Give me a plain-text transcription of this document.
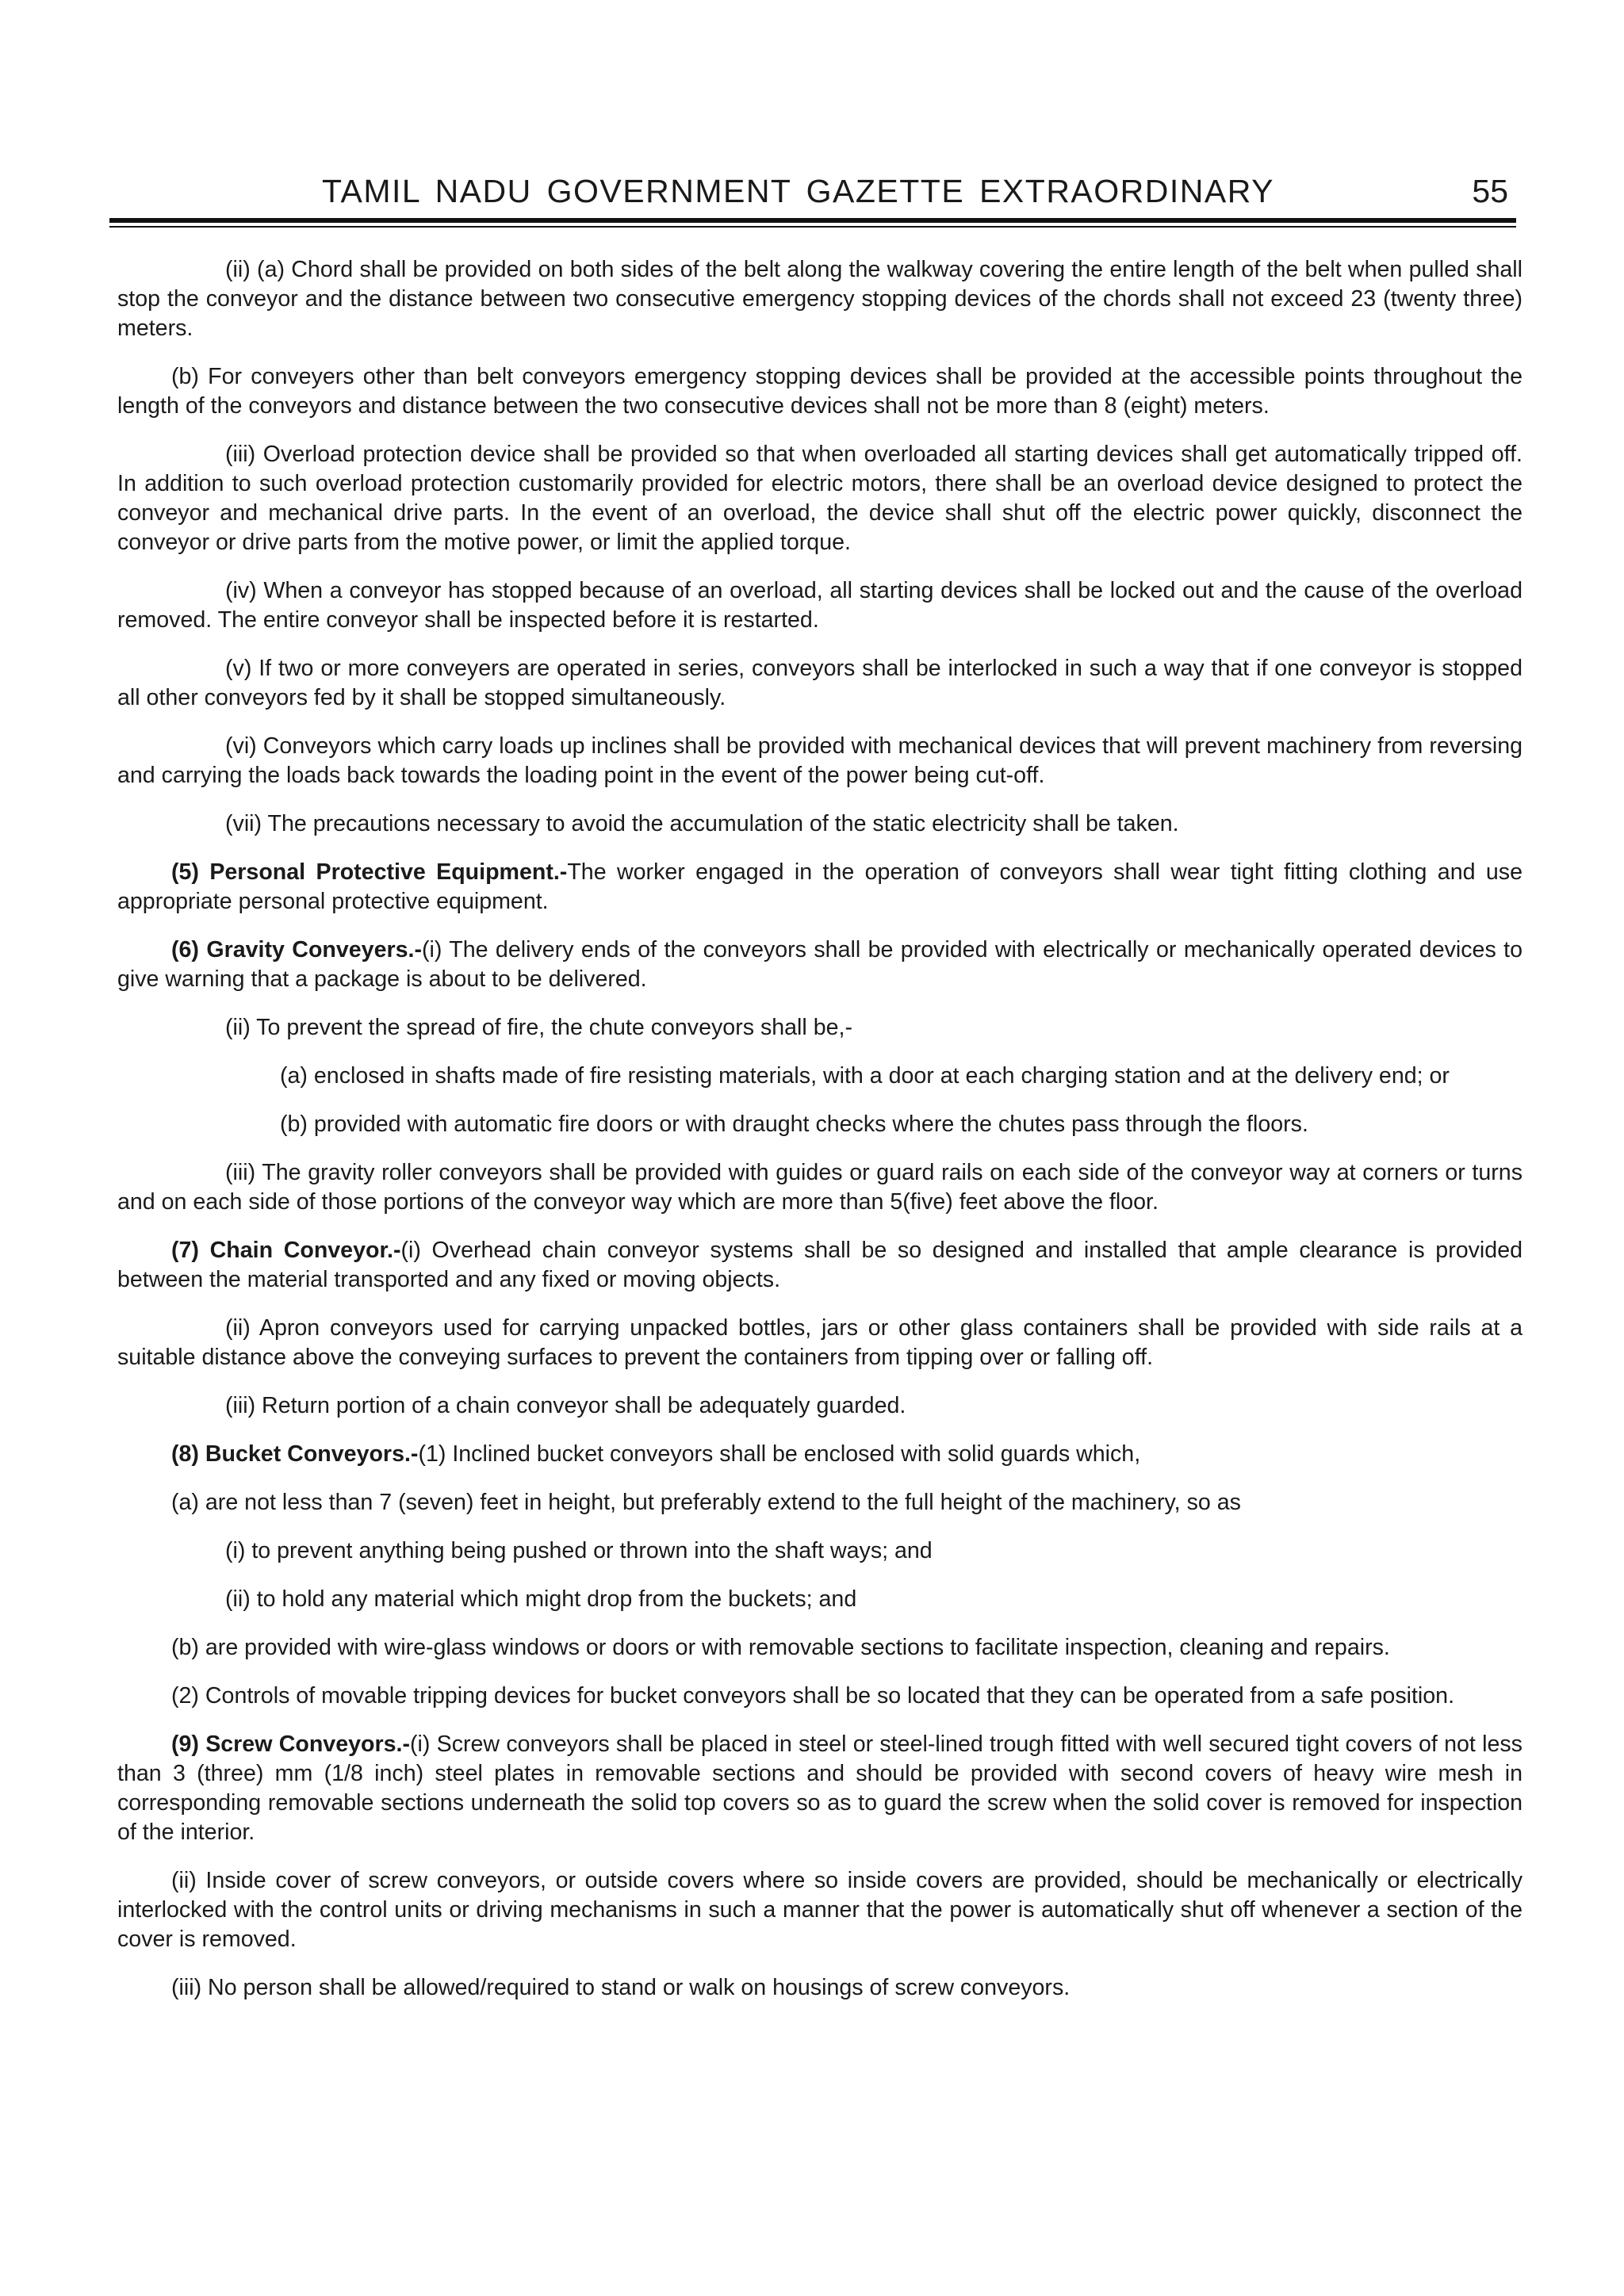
TAMIL NADU GOVERNMENT GAZETTE EXTRAORDINARY	55

(ii) (a) Chord shall be provided on both sides of the belt along the walkway covering the entire length of the belt when pulled shall stop the conveyor and the distance between two consecutive emergency stopping devices of the chords shall not exceed 23 (twenty three) meters.

(b) For conveyers other than belt conveyors emergency stopping devices shall be provided at the accessible points throughout the length of the conveyors and distance between the two consecutive devices shall not be more than 8 (eight) meters.

(iii) Overload protection device shall be provided so that when overloaded all starting devices shall get automatically tripped off. In addition to such overload protection customarily provided for electric motors, there shall be an overload device designed to protect the conveyor and mechanical drive parts. In the event of an overload, the device shall shut off the electric power quickly, disconnect the conveyor or drive parts from the motive power, or limit the applied torque.

(iv) When a conveyor has stopped because of an overload, all starting devices shall be locked out and the cause of the overload removed. The entire conveyor shall be inspected before it is restarted.

(v) If two or more conveyers are operated in series, conveyors shall be interlocked in such a way that if one conveyor is stopped all other conveyors fed by it shall be stopped simultaneously.

(vi) Conveyors which carry loads up inclines shall be provided with mechanical devices that will prevent machinery from reversing and carrying the loads back towards the loading point in the event of the power being cut-off.

(vii) The precautions necessary to avoid the accumulation of the static electricity shall be taken.

(5) Personal Protective Equipment.-The worker engaged in the operation of conveyors shall wear tight fitting clothing and use appropriate personal protective equipment.

(6) Gravity Conveyers.-(i) The delivery ends of the conveyors shall be provided with electrically or mechanically operated devices to give warning that a package is about to be delivered.

(ii) To prevent the spread of fire, the chute conveyors shall be,-

(a) enclosed in shafts made of fire resisting materials, with a door at each charging station and at the delivery end; or

(b) provided with automatic fire doors or with draught checks where the chutes pass through the floors.

(iii) The gravity roller conveyors shall be provided with guides or guard rails on each side of the conveyor way at corners or turns and on each side of those portions of the conveyor way which are more than 5(five) feet above the floor.

(7) Chain Conveyor.-(i) Overhead chain conveyor systems shall be so designed and installed that ample clearance is provided between the material transported and any fixed or moving objects.

(ii) Apron conveyors used for carrying unpacked bottles, jars or other glass containers shall be provided with side rails at a suitable distance above the conveying surfaces to prevent the containers from tipping over or falling off.

(iii) Return portion of a chain conveyor shall be adequately guarded.

(8) Bucket Conveyors.-(1) Inclined bucket conveyors shall be enclosed with solid guards which,

(a) are not less than 7 (seven) feet in height, but preferably extend to the full height of the machinery, so as

(i) to prevent anything being pushed or thrown into the shaft ways; and

(ii) to hold any material which might drop from the buckets; and

(b) are provided with wire-glass windows or doors or with removable sections to facilitate inspection, cleaning and repairs.

(2) Controls of movable tripping devices for bucket conveyors shall be so located that they can be operated from a safe position.

(9) Screw Conveyors.-(i) Screw conveyors shall be placed in steel or steel-lined trough fitted with well secured tight covers of not less than 3 (three) mm (1/8 inch) steel plates in removable sections and should be provided with second covers of heavy wire mesh in corresponding removable sections underneath the solid top covers so as to guard the screw when the solid cover is removed for inspection of the interior.

(ii) Inside cover of screw conveyors, or outside covers where so inside covers are provided, should be mechanically or electrically interlocked with the control units or driving mechanisms in such a manner that the power is automatically shut off whenever a section of the cover is removed.

(iii) No person shall be allowed/required to stand or walk on housings of screw conveyors.
